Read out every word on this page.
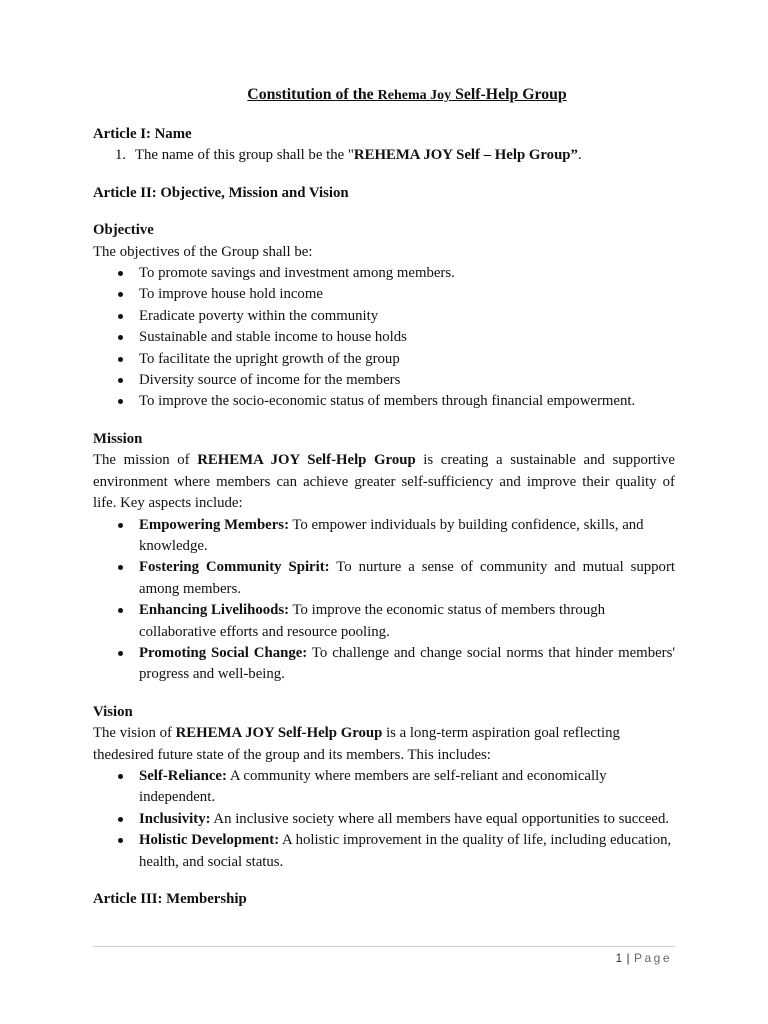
Constitution of the Rehema Joy Self-Help Group
Article I: Name
1. The name of this group shall be the "REHEMA JOY Self – Help Group”.
Article II: Objective, Mission and Vision
Objective
The objectives of the Group shall be:
To promote savings and investment among members.
To improve house hold income
Eradicate poverty within the community
Sustainable and stable income to house holds
To facilitate the upright growth of the group
Diversity source of income for the members
To improve the socio-economic status of members through financial empowerment.
Mission
The mission of REHEMA JOY Self-Help Group is creating a sustainable and supportive environment where members can achieve greater self-sufficiency and improve their quality of life. Key aspects include:
Empowering Members: To empower individuals by building confidence, skills, and knowledge.
Fostering Community Spirit: To nurture a sense of community and mutual support among members.
Enhancing Livelihoods: To improve the economic status of members through collaborative efforts and resource pooling.
Promoting Social Change: To challenge and change social norms that hinder members' progress and well-being.
Vision
The vision of REHEMA JOY Self-Help Group is a long-term aspiration goal reflecting thedesired future state of the group and its members. This includes:
Self-Reliance: A community where members are self-reliant and economically independent.
Inclusivity: An inclusive society where all members have equal opportunities to succeed.
Holistic Development: A holistic improvement in the quality of life, including education, health, and social status.
Article III: Membership
1 | Page
